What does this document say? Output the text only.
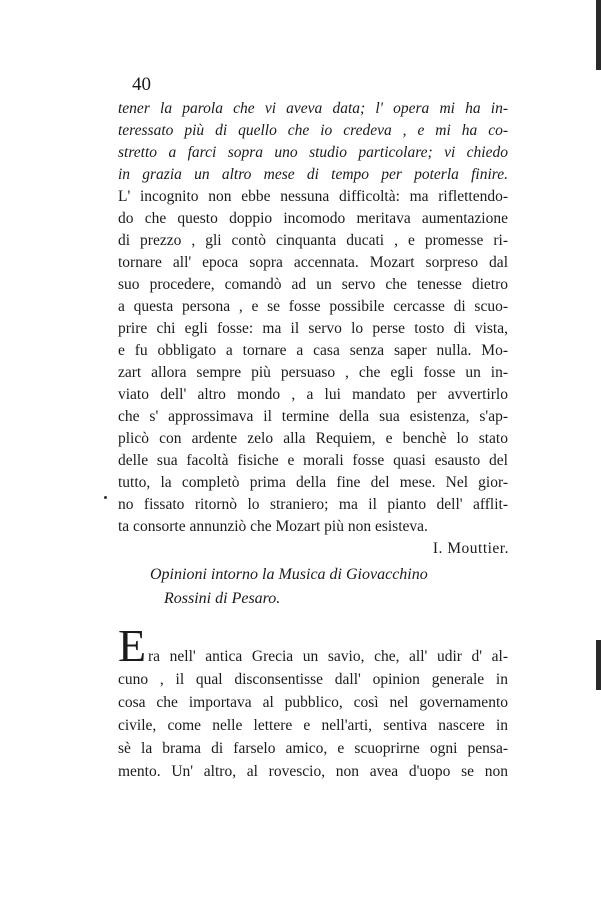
40
tener la parola che vi aveva data; l' opera mi ha in-
teressato più di quello che io credeva , e mi ha co-
stretto a farci sopra uno studio particolare; vi chiedo
in grazia un altro mese di tempo per poterla finire.
L' incognito non ebbe nessuna difficoltà: ma riflettendo-
do che questo doppio incomodo meritava aumentazione
di prezzo , gli contò cinquanta ducati , e promesse ri-
tornare all' epoca sopra accennata. Mozart sorpreso dal
suo procedere, comandò ad un servo che tenesse dietro
a questa persona , e se fosse possibile cercasse di scuo-
prire chi egli fosse: ma il servo lo perse tosto di vista,
e fu obbligato a tornare a casa senza saper nulla. Mo-
zart allora sempre più persuaso , che egli fosse un in-
viato dell' altro mondo , a lui mandato per avvertirlo
che s' approssimava il termine della sua esistenza, s'ap-
plicò con ardente zelo alla Requiem, e benchè lo stato
delle sua facoltà fisiche e morali fosse quasi esausto del
tutto, la completò prima della fine del mese. Nel gior-
no fissato ritornò lo straniero; ma il pianto dell' afflit-
ta consorte annunziò che Mozart più non esisteva.
I. Mouttier.
Opinioni intorno la Musica di Giovacchino
Rossini di Pesaro.
E ra nell' antica Grecia un savio, che, all' udir d' al-
cuno , il qual disconsentisse dall' opinion generale in
cosa che importava al pubblico, così nel governamento
civile, come nelle lettere e nell'arti, sentiva nascere in
sè la brama di farselo amico, e scuoprirne ogni pensa-
mento. Un' altro, al rovescio, non avea d'uopo se non
